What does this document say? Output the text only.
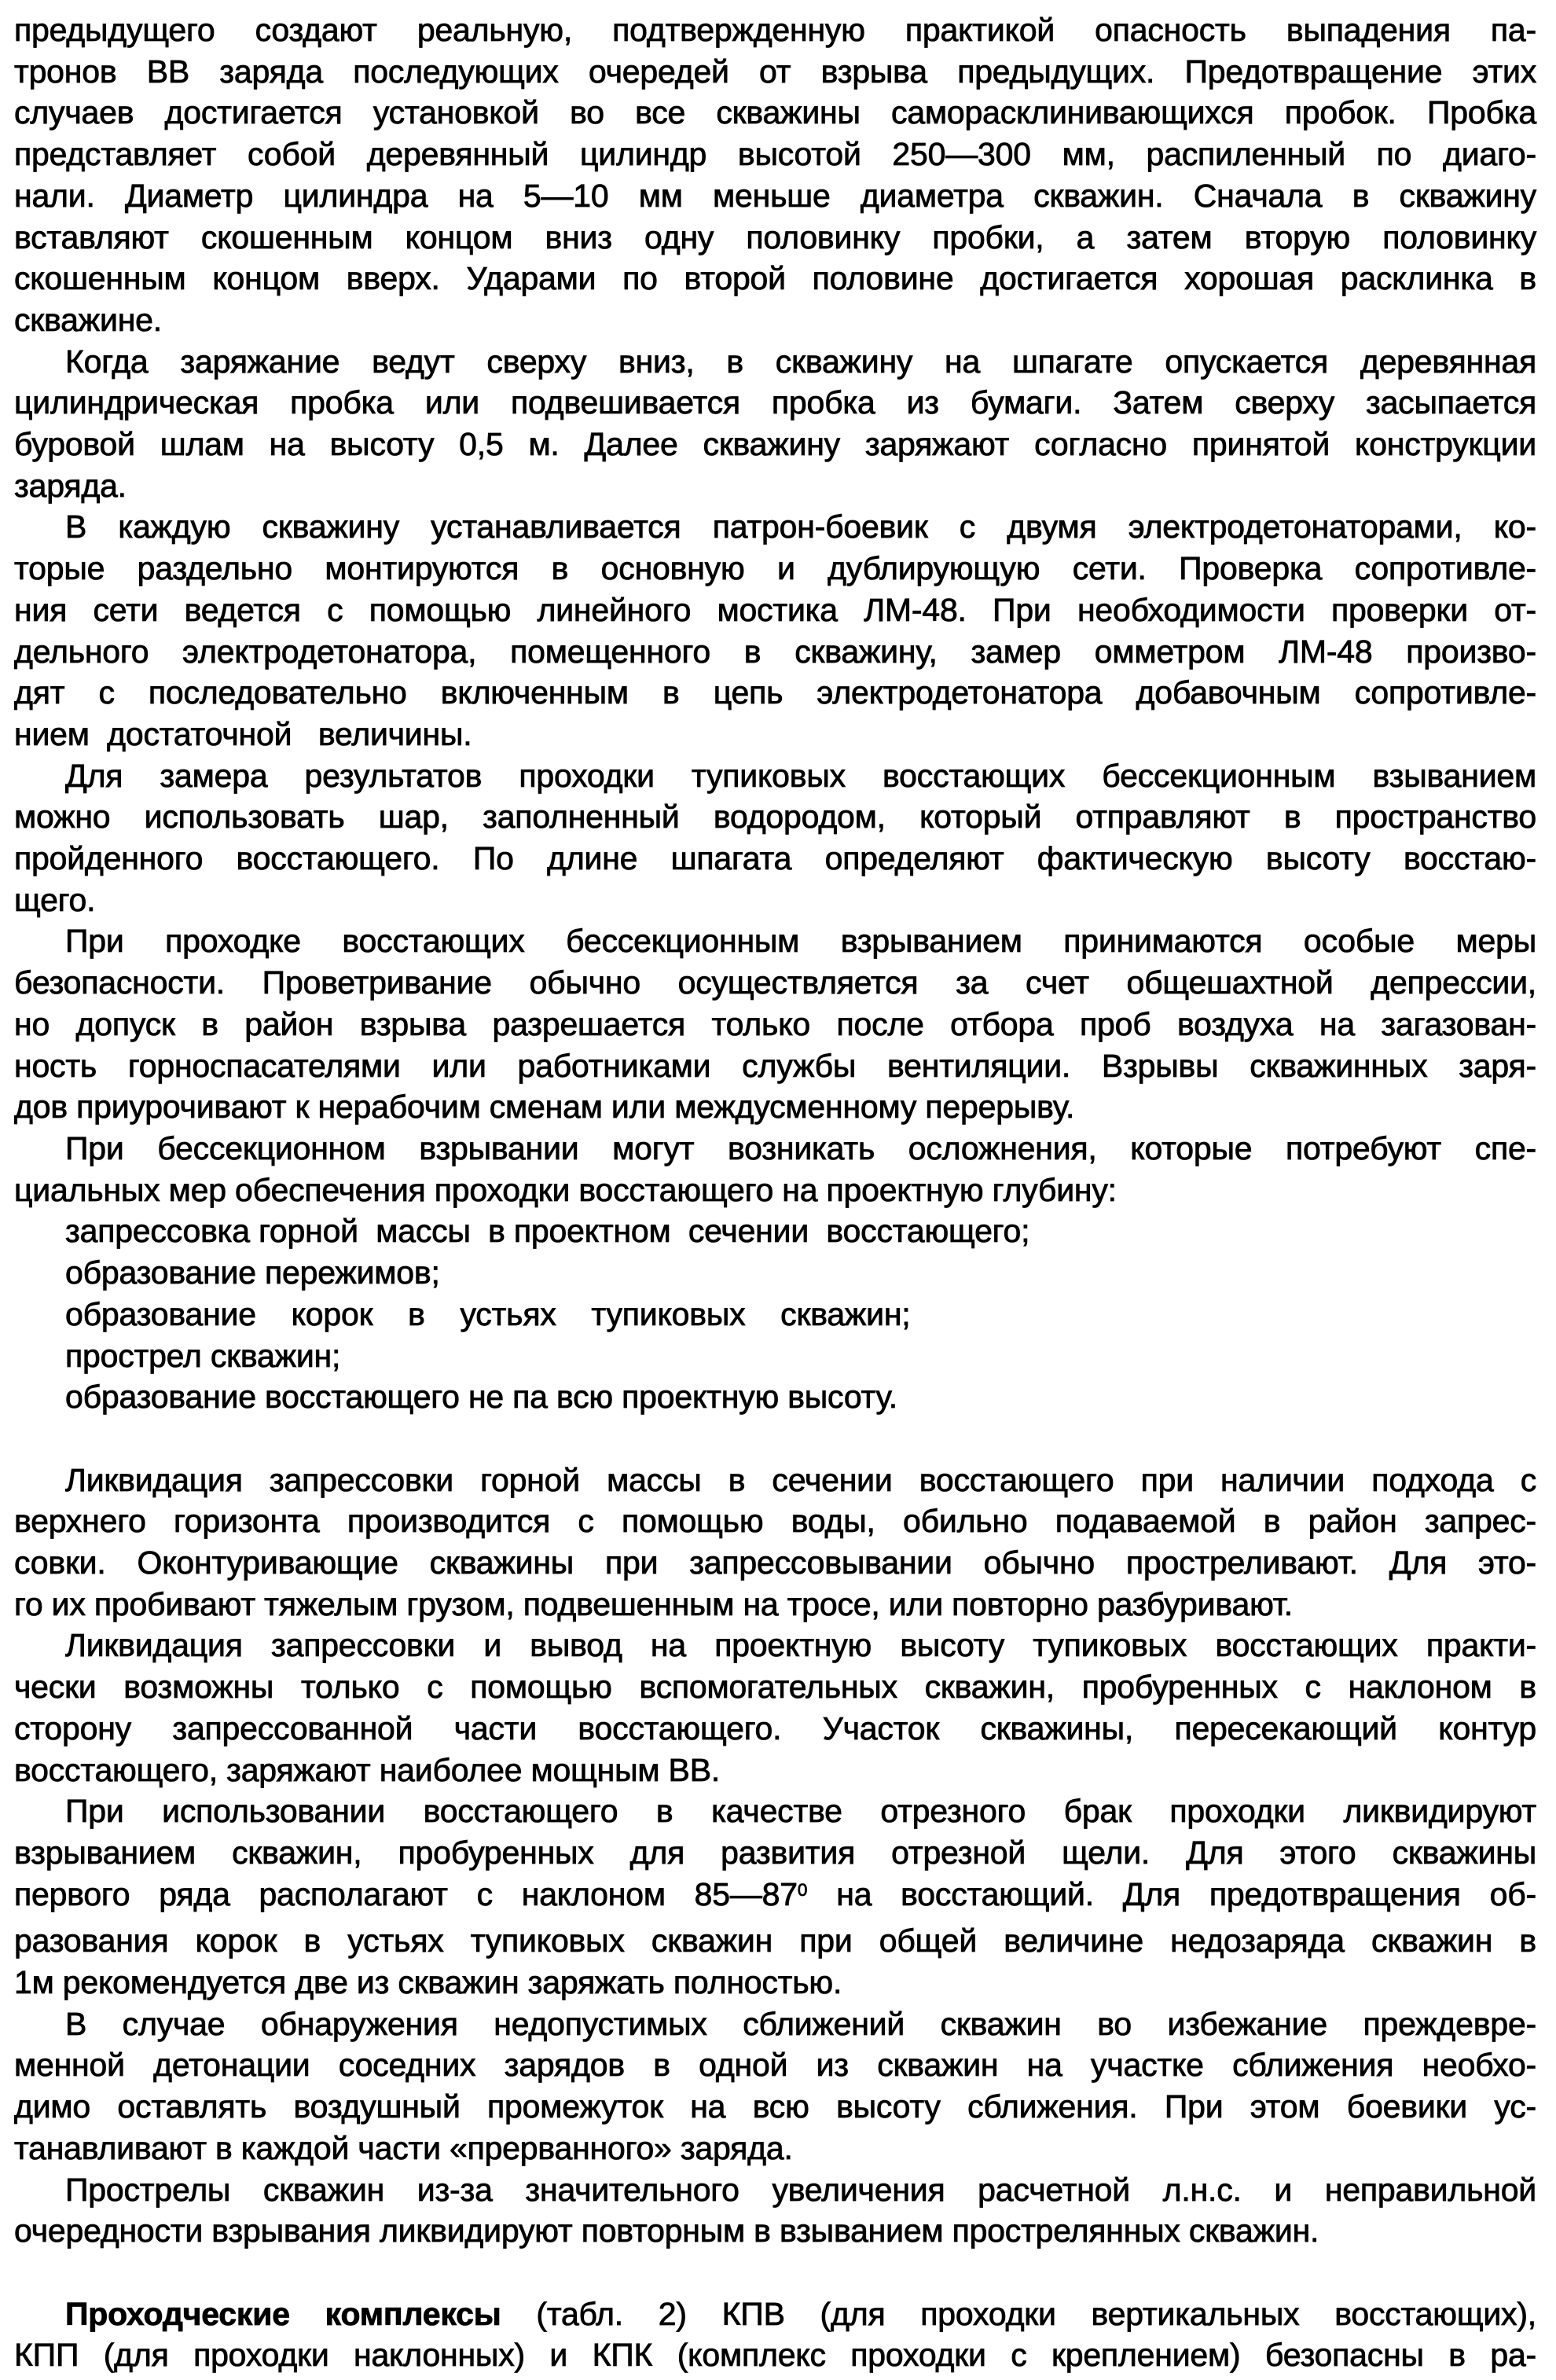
предыдущего создают реальную, подтвержденную практикой опасность выпадения па-
тронов ВВ заряда последующих очередей от взрыва предыдущих. Предотвращение этих
случаев достигается установкой во все скважины саморасклинивающихся пробок. Пробка
представляет собой деревянный цилиндр высотой 250—300 мм, распиленный по диаго-
нали. Диаметр цилиндра на 5—10 мм меньше диаметра скважин. Сначала в скважину
вставляют скошенным концом вниз одну половинку пробки, а затем вторую половинку
скошенным концом вверх. Ударами по второй половине достигается хорошая расклинка в
скважине.
Когда заряжание ведут сверху вниз, в скважину на шпагате опускается деревянная
цилиндрическая пробка или подвешивается пробка из бумаги. Затем сверху засыпается
буровой шлам на высоту 0,5 м. Далее скважину заряжают согласно принятой конструкции
заряда.
В каждую скважину устанавливается патрон-боевик с двумя электродетонаторами, ко-
торые раздельно монтируются в основную и дублирующую сети. Проверка сопротивле-
ния сети ведется с помощью линейного мостика ЛМ-48. При необходимости проверки от-
дельного электродетонатора, помещенного в скважину, замер омметром ЛМ-48 произво-
дят с последовательно включенным в цепь электродетонатора добавочным сопротивле-
нием  достаточной   величины.
Для замера результатов проходки тупиковых восстающих бессекционным взыванием
можно использовать шар, заполненный водородом, который отправляют в пространство
пройденного восстающего. По длине шпагата определяют фактическую высоту восстаю-
щего.
При проходке восстающих бессекционным взрыванием принимаются особые меры
безопасности. Проветривание обычно осуществляется за счет общешахтной депрессии,
но допуск в район взрыва разрешается только после отбора проб воздуха на загазован-
ность горноспасателями или работниками службы вентиляции. Взрывы скважинных заря-
дов приурочивают к нерабочим сменам или междусменному перерыву.
При бессекционном взрывании могут возникать осложнения, которые потребуют спе-
циальных мер обеспечения проходки восстающего на проектную глубину:
запрессовка горной  массы  в проектном  сечении  восстающего;
образование пережимов;
образование    корок    в    устьях    тупиковых    скважин;
прострел скважин;
образование восстающего не па всю проектную высоту.
Ликвидация запрессовки горной массы в сечении восстающего при наличии подхода с
верхнего горизонта производится с помощью воды, обильно подаваемой в район запрес-
совки. Оконтуривающие скважины при запрессовывании обычно простреливают. Для это-
го их пробивают тяжелым грузом, подвешенным на тросе, или повторно разбуривают.
Ликвидация запрессовки и вывод на проектную высоту тупиковых восстающих практи-
чески возможны только с помощью вспомогательных скважин, пробуренных с наклоном в
сторону запрессованной части восстающего. Участок скважины, пересекающий контур
восстающего, заряжают наиболее мощным ВВ.
При использовании восстающего в качестве отрезного брак проходки ликвидируют
взрыванием скважин, пробуренных для развития отрезной щели. Для этого скважины
первого ряда располагают с наклоном $85—87^0$ на восстающий. Для предотвращения об-
разования корок в устьях тупиковых скважин при общей величине недозаряда скважин в
1м рекомендуется две из скважин заряжать полностью.
В случае обнаружения недопустимых сближений скважин во избежание преждевре-
менной детонации соседних зарядов в одной из скважин на участке сближения необхо-
димо оставлять воздушный промежуток на всю высоту сближения. При этом боевики ус-
танавливают в каждой части «прерванного» заряда.
Прострелы скважин из-за значительного увеличения расчетной л.н.с. и неправильной
очередности взрывания ликвидируют повторным в взыванием прострелянных скважин.
Проходческие комплексы (табл. 2) КПВ (для проходки вертикальных восстающих),
КПП (для проходки наклонных) и КПК (комплекс проходки с креплением) безопасны в ра-
